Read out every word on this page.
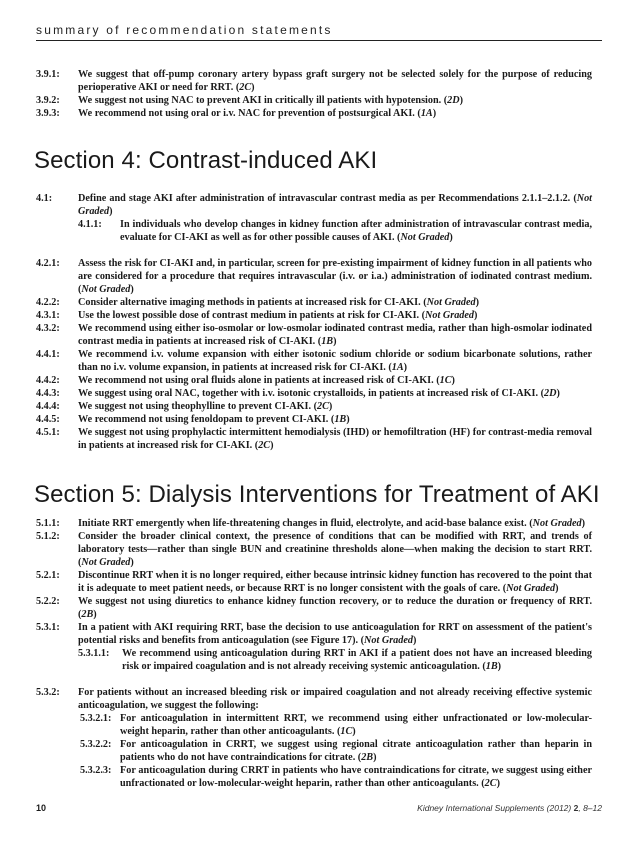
summary of recommendation statements
3.9.1: We suggest that off-pump coronary artery bypass graft surgery not be selected solely for the purpose of reducing perioperative AKI or need for RRT. (2C)
3.9.2: We suggest not using NAC to prevent AKI in critically ill patients with hypotension. (2D)
3.9.3: We recommend not using oral or i.v. NAC for prevention of postsurgical AKI. (1A)
Section 4: Contrast-induced AKI
4.1:	Define and stage AKI after administration of intravascular contrast media as per Recommendations 2.1.1–2.1.2. (Not Graded)
4.1.1: In individuals who develop changes in kidney function after administration of intravascular contrast media, evaluate for CI-AKI as well as for other possible causes of AKI. (Not Graded)
4.2.1: Assess the risk for CI-AKI and, in particular, screen for pre-existing impairment of kidney function in all patients who are considered for a procedure that requires intravascular (i.v. or i.a.) administration of iodinated contrast medium. (Not Graded)
4.2.2: Consider alternative imaging methods in patients at increased risk for CI-AKI. (Not Graded)
4.3.1: Use the lowest possible dose of contrast medium in patients at risk for CI-AKI. (Not Graded)
4.3.2: We recommend using either iso-osmolar or low-osmolar iodinated contrast media, rather than high-osmolar iodinated contrast media in patients at increased risk of CI-AKI. (1B)
4.4.1: We recommend i.v. volume expansion with either isotonic sodium chloride or sodium bicarbonate solutions, rather than no i.v. volume expansion, in patients at increased risk for CI-AKI. (1A)
4.4.2: We recommend not using oral fluids alone in patients at increased risk of CI-AKI. (1C)
4.4.3: We suggest using oral NAC, together with i.v. isotonic crystalloids, in patients at increased risk of CI-AKI. (2D)
4.4.4: We suggest not using theophylline to prevent CI-AKI. (2C)
4.4.5: We recommend not using fenoldopam to prevent CI-AKI. (1B)
4.5.1: We suggest not using prophylactic intermittent hemodialysis (IHD) or hemofiltration (HF) for contrast-media removal in patients at increased risk for CI-AKI. (2C)
Section 5: Dialysis Interventions for Treatment of AKI
5.1.1: Initiate RRT emergently when life-threatening changes in fluid, electrolyte, and acid-base balance exist. (Not Graded)
5.1.2: Consider the broader clinical context, the presence of conditions that can be modified with RRT, and trends of laboratory tests—rather than single BUN and creatinine thresholds alone—when making the decision to start RRT. (Not Graded)
5.2.1: Discontinue RRT when it is no longer required, either because intrinsic kidney function has recovered to the point that it is adequate to meet patient needs, or because RRT is no longer consistent with the goals of care. (Not Graded)
5.2.2: We suggest not using diuretics to enhance kidney function recovery, or to reduce the duration or frequency of RRT. (2B)
5.3.1: In a patient with AKI requiring RRT, base the decision to use anticoagulation for RRT on assessment of the patient's potential risks and benefits from anticoagulation (see Figure 17). (Not Graded)
5.3.1.1: We recommend using anticoagulation during RRT in AKI if a patient does not have an increased bleeding risk or impaired coagulation and is not already receiving systemic anticoagulation. (1B)
5.3.2: For patients without an increased bleeding risk or impaired coagulation and not already receiving effective systemic anticoagulation, we suggest the following:
5.3.2.1: For anticoagulation in intermittent RRT, we recommend using either unfractionated or low-molecular-weight heparin, rather than other anticoagulants. (1C)
5.3.2.2: For anticoagulation in CRRT, we suggest using regional citrate anticoagulation rather than heparin in patients who do not have contraindications for citrate. (2B)
5.3.2.3: For anticoagulation during CRRT in patients who have contraindications for citrate, we suggest using either unfractionated or low-molecular-weight heparin, rather than other anticoagulants. (2C)
10	Kidney International Supplements (2012) 2, 8–12
